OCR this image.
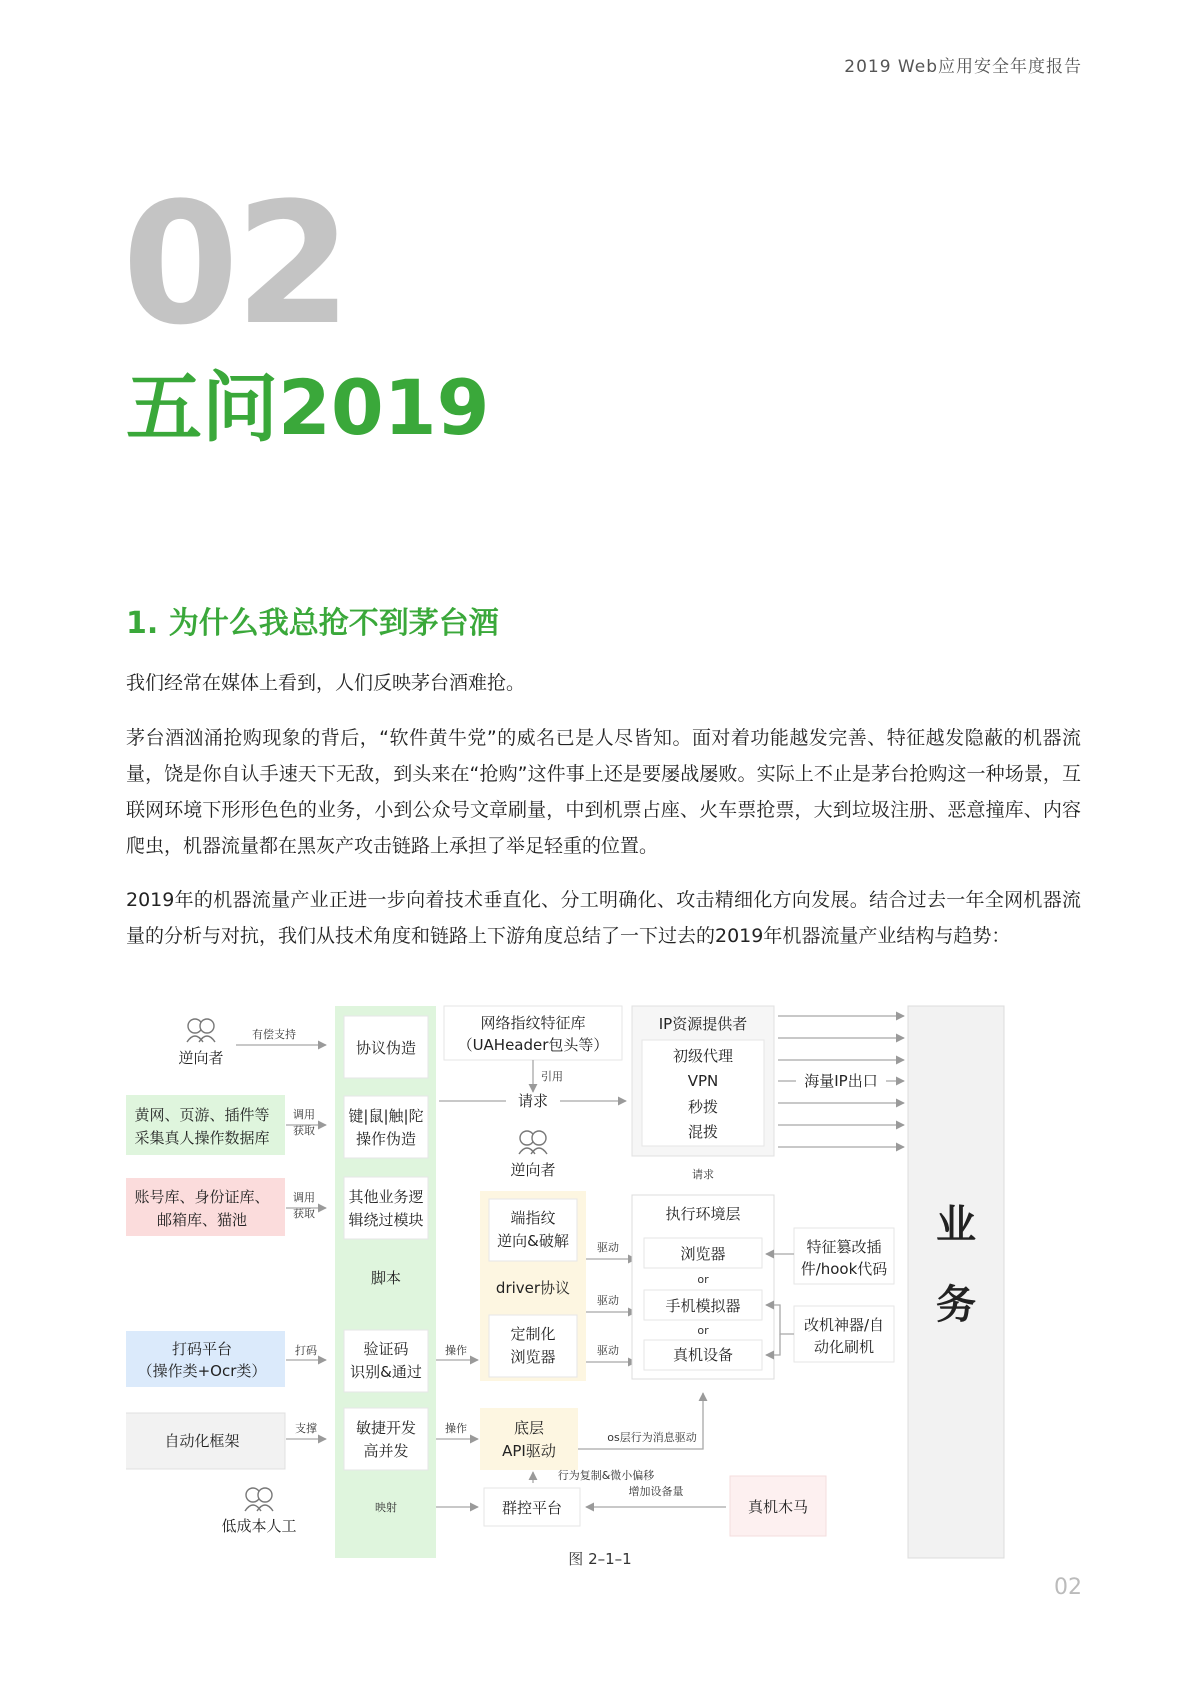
2019 Web应用安全年度报告
02
五问2019
1. 为什么我总抢不到茅台酒
我们经常在媒体上看到，人们反映茅台酒难抢。
茅台酒汹涌抢购现象的背后，“软件黄牛党”的威名已是人尽皆知。面对着功能越发完善、特征越发隐蔽的机器流量，饶是你自认手速天下无敌，到头来在“抢购”这件事上还是要屡战屡败。实际上不止是茅台抢购这一种场景，互联网环境下形形色色的业务，小到公众号文章刷量，中到机票占座、火车票抢票，大到垃圾注册、恶意撞库、内容爬虫，机器流量都在黑灰产攻击链路上承担了举足轻重的位置。
2019年的机器流量产业正进一步向着技术垂直化、分工明确化、攻击精细化方向发展。结合过去一年全网机器流量的分析与对抗，我们从技术角度和链路上下游角度总结了一下过去的2019年机器流量产业结构与趋势：
逆向者
有偿支持
黄网、页游、插件等
采集真人操作数据库
调用
获取
账号库、身份证库、
邮箱库、猫池
调用
获取
打码平台
（操作类+Ocr类）
打码
自动化框架
支撑
低成本人工
协议伪造
键|鼠|触|陀
操作伪造
其他业务逻
辑绕过模块
脚本
验证码
识别&通过
敏捷开发
高并发
映射
网络指纹特征库
（UAHeader包头等）
引用
请求
逆向者
端指纹
逆向&破解
driver协议
定制化
浏览器
操作
操作	底层
API驱动
驱动
驱动
驱动
os层行为消息驱动
行为复制&微小偏移
群控平台
增加设备量
真机木马
IP资源提供者
初级代理
VPN
秒拨
混拨
海量IP出口
请求
执行环境层
浏览器
or
手机模拟器
or
真机设备
特征篡改插
件/hook代码
改机神器/自
动化刷机
业
务
图 2–1–1
02
